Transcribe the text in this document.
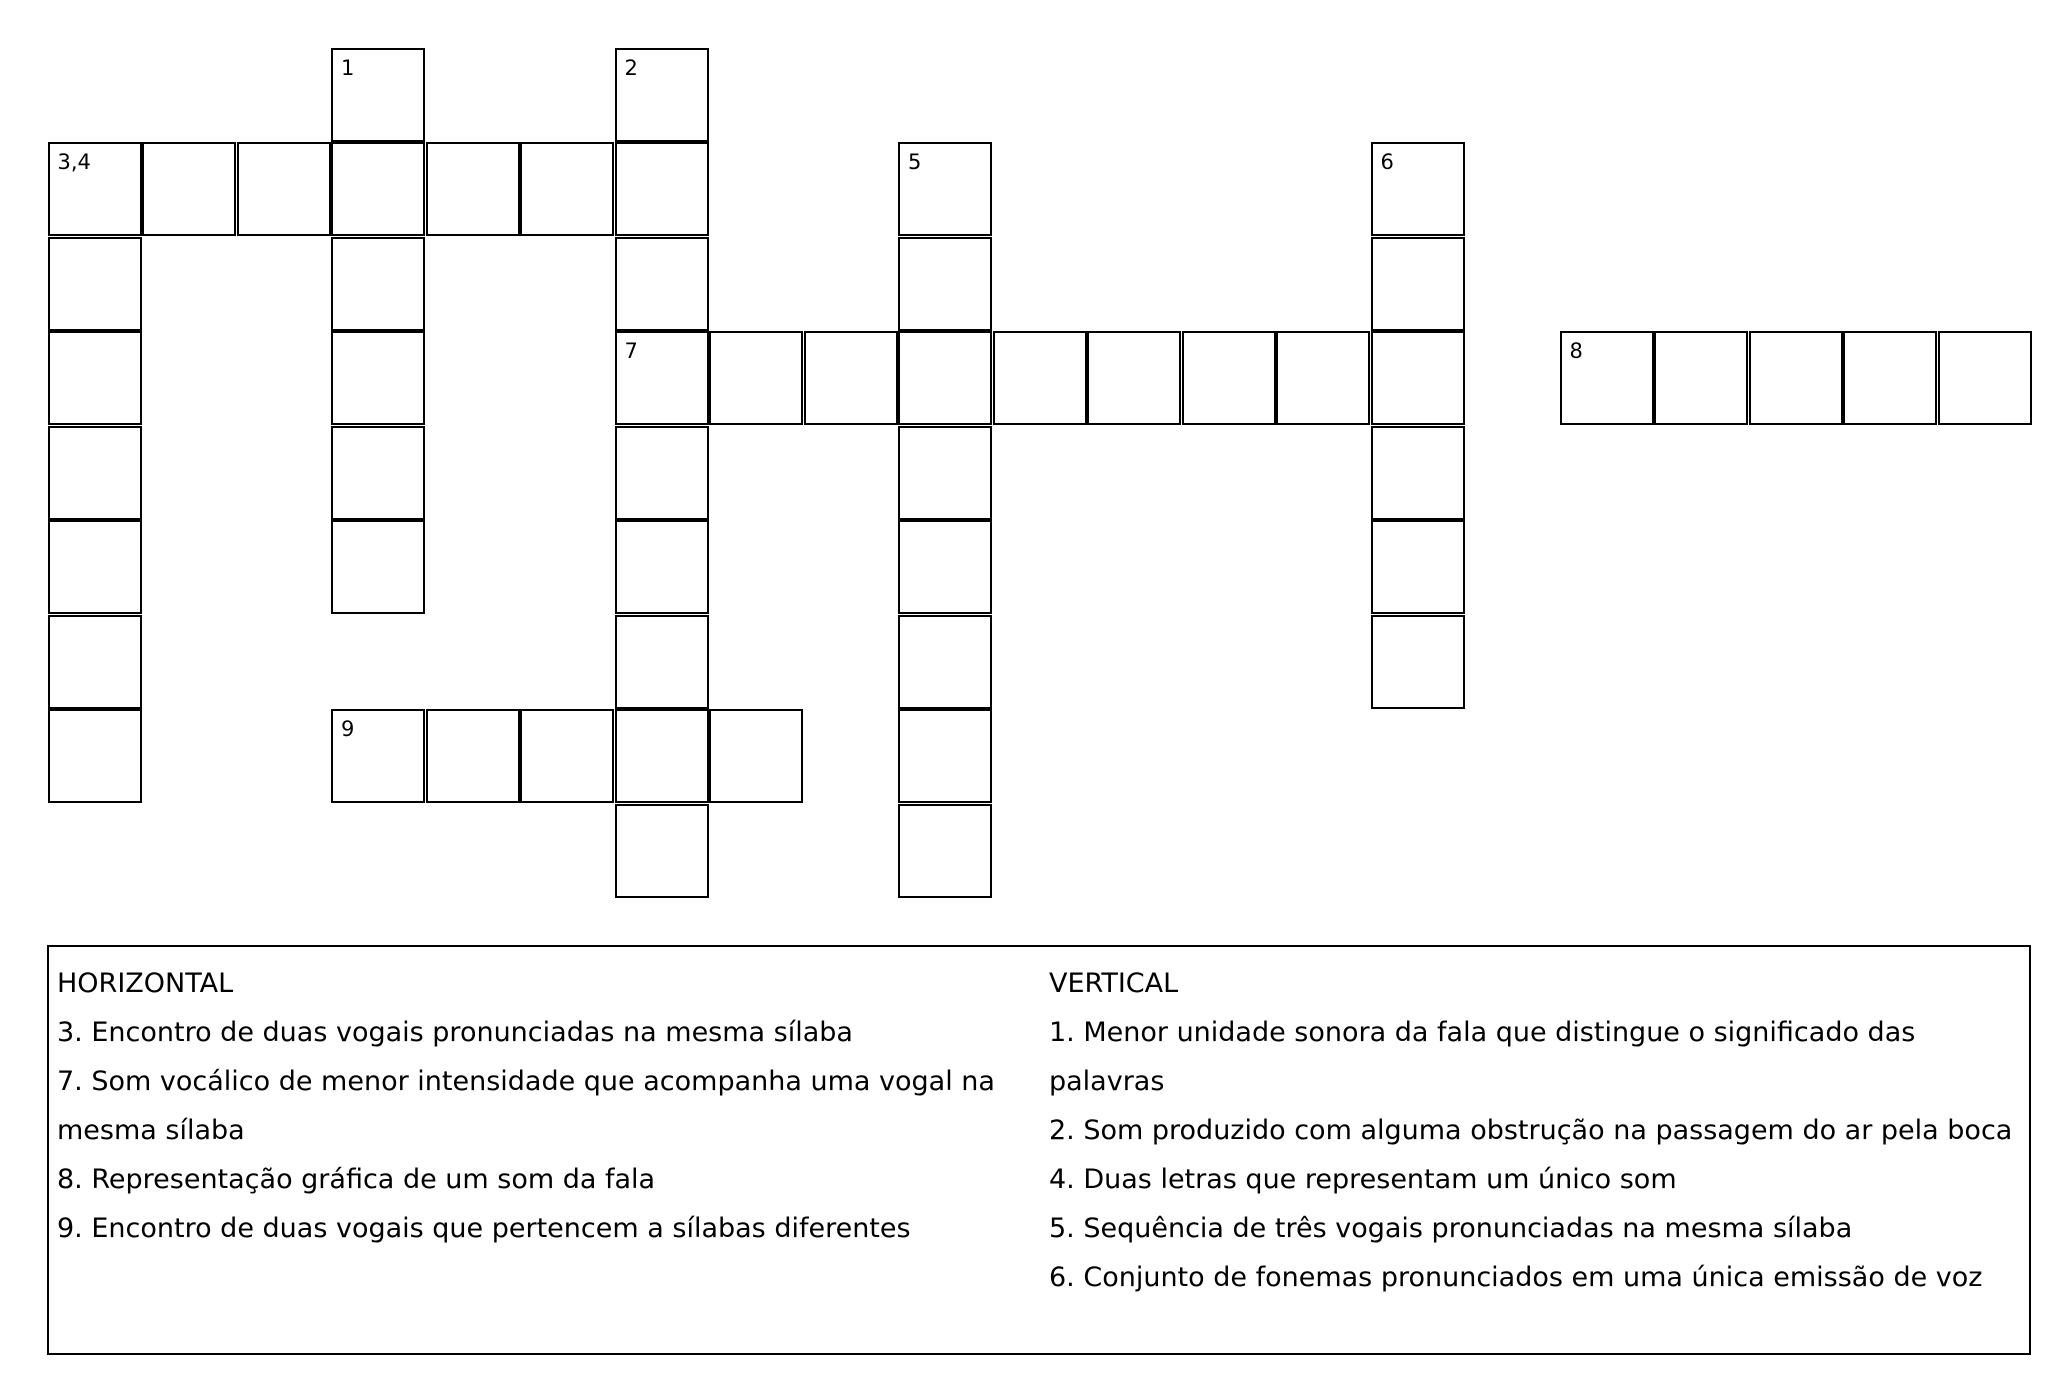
3,4
1	2
7
5	6
8
9
HORIZONTAL
3. Encontro de duas vogais pronunciadas na mesma sílaba
7. Som vocálico de menor intensidade que acompanha uma vogal na mesma sílaba
8. Representação gráfica de um som da fala
9. Encontro de duas vogais que pertencem a sílabas diferentes
VERTICAL
1. Menor unidade sonora da fala que distingue o significado das palavras
2. Som produzido com alguma obstrução na passagem do ar pela boca
4. Duas letras que representam um único som
5. Sequência de três vogais pronunciadas na mesma sílaba
6. Conjunto de fonemas pronunciados em uma única emissão de voz
